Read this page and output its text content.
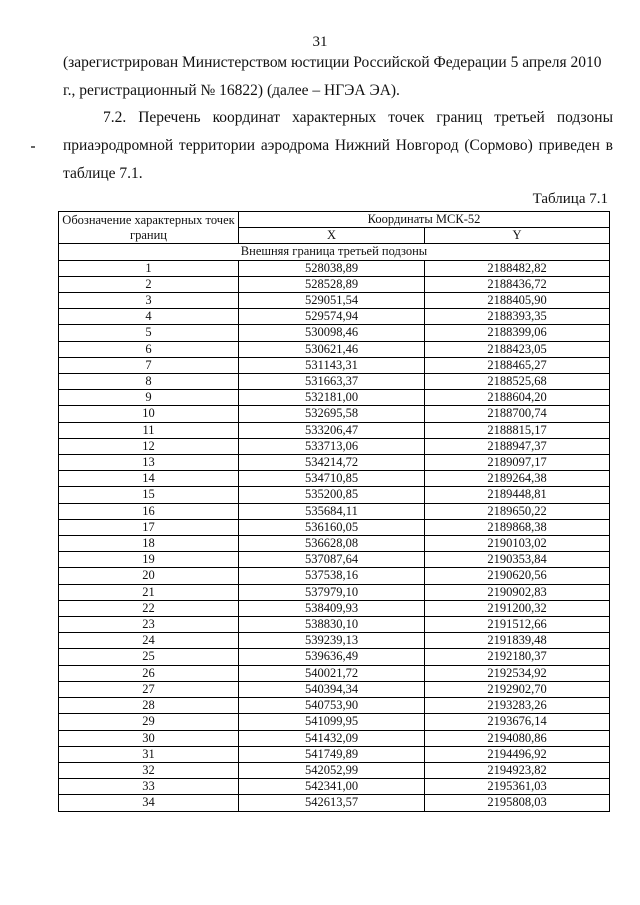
31

(зарегистрирован Министерством юстиции Российской Федерации 5 апреля 2010 г., регистрационный № 16822) (далее – НГЭА ЭА).

7.2. Перечень координат характерных точек границ третьей подзоны приаэродромной территории аэродрома Нижний Новгород (Сормово) приведен в таблице 7.1.

Таблица 7.1
Обозначение характерных точек границ	Координаты МСК-52	
	X	Y
Внешняя граница третьей подзоны		
1	528038,89	2188482,82
2	528528,89	2188436,72
3	529051,54	2188405,90
4	529574,94	2188393,35
5	530098,46	2188399,06
6	530621,46	2188423,05
7	531143,31	2188465,27
8	531663,37	2188525,68
9	532181,00	2188604,20
10	532695,58	2188700,74
11	533206,47	2188815,17
12	533713,06	2188947,37
13	534214,72	2189097,17
14	534710,85	2189264,38
15	535200,85	2189448,81
16	535684,11	2189650,22
17	536160,05	2189868,38
18	536628,08	2190103,02
19	537087,64	2190353,84
20	537538,16	2190620,56
21	537979,10	2190902,83
22	538409,93	2191200,32
23	538830,10	2191512,66
24	539239,13	2191839,48
25	539636,49	2192180,37
26	540021,72	2192534,92
27	540394,34	2192902,70
28	540753,90	2193283,26
29	541099,95	2193676,14
30	541432,09	2194080,86
31	541749,89	2194496,92
32	542052,99	2194923,82
33	542341,00	2195361,03
34	542613,57	2195808,03
